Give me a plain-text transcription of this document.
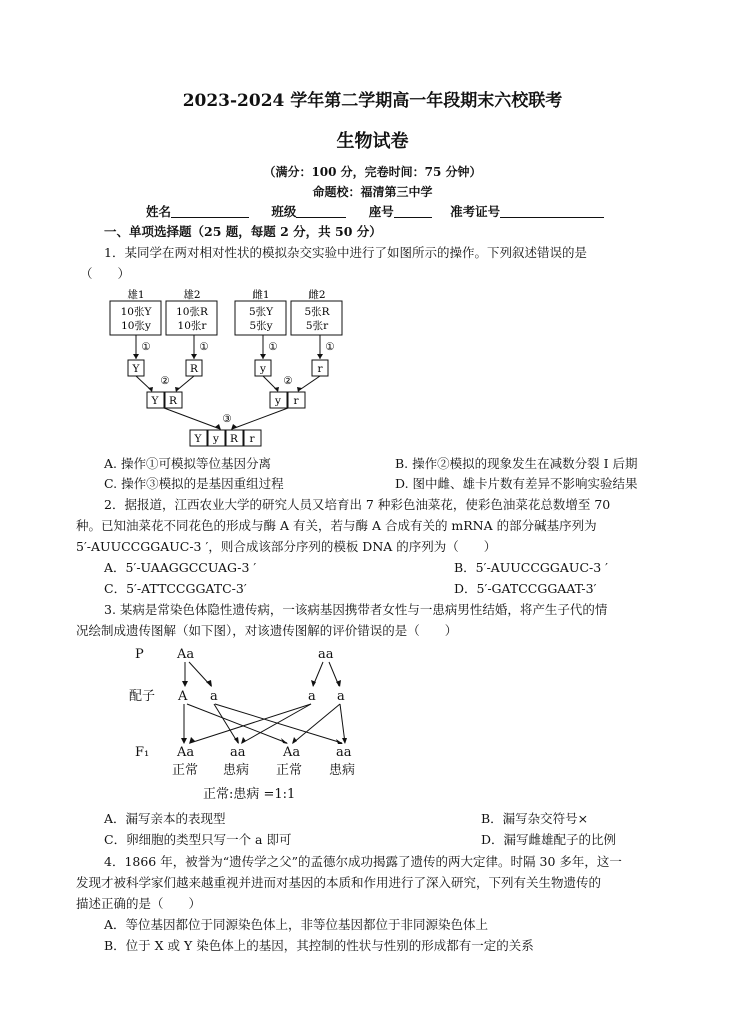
2023-2024 学年第二学期高一年段期末六校联考
生物试卷
（满分：100 分，完卷时间：75 分钟）
命题校：福清第三中学
姓名	班级	座号	准考证号
一、单项选择题（25 题，每题 2 分，共 50 分）
1．某同学在两对相对性状的模拟杂交实验中进行了如图所示的操作。下列叙述错误的是
（　　）
雄1	雄2	雌1	雌2
10张Y
10张y
10张R
10张r
5张Y
5张y
5张R
5张r
①	①	①	①
②	②
③
Y	R	y	r
Y R	y r
Y y R r
A. 操作①可模拟等位基因分离	B. 操作②模拟的现象发生在减数分裂 I 后期
C. 操作③模拟的是基因重组过程	D. 图中雌、雄卡片数有差异不影响实验结果
2．据报道，江西农业大学的研究人员又培育出 7 种彩色油菜花，使彩色油菜花总数增至 70
种。已知油菜花不同花色的形成与酶 A 有关，若与酶 A 合成有关的 mRNA 的部分碱基序列为
5′-AUUCCGGAUC-3 ′，则合成该部分序列的模板 DNA 的序列为（　　）
A．5′-UAAGGCCUAG-3 ′	B．5′-AUUCCGGAUC-3 ′
C．5′-ATTCCGGATC-3′	D．5′-GATCCGGAAT-3′
3. 某病是常染色体隐性遗传病，一该病基因携带者女性与一患病男性结婚，将产生子代的情
况绘制成遗传图解（如下图），对该遗传图解的评价错误的是（　　）
P
配子
F₁
Aa	aa
A a	a a
Aa	aa	Aa	aa
正常 患病 正常 患病
正常:患病 =1:1
A．漏写亲本的表现型	B．漏写杂交符号×
C．卵细胞的类型只写一个 a 即可	D．漏写雌雄配子的比例
4．1866 年，被誉为“遗传学之父”的孟德尔成功揭露了遗传的两大定律。时隔 30 多年，这一
发现才被科学家们越来越重视并进而对基因的本质和作用进行了深入研究，下列有关生物遗传的
描述正确的是（　　）
A．等位基因都位于同源染色体上，非等位基因都位于非同源染色体上
B．位于 X 或 Y 染色体上的基因，其控制的性状与性别的形成都有一定的关系
